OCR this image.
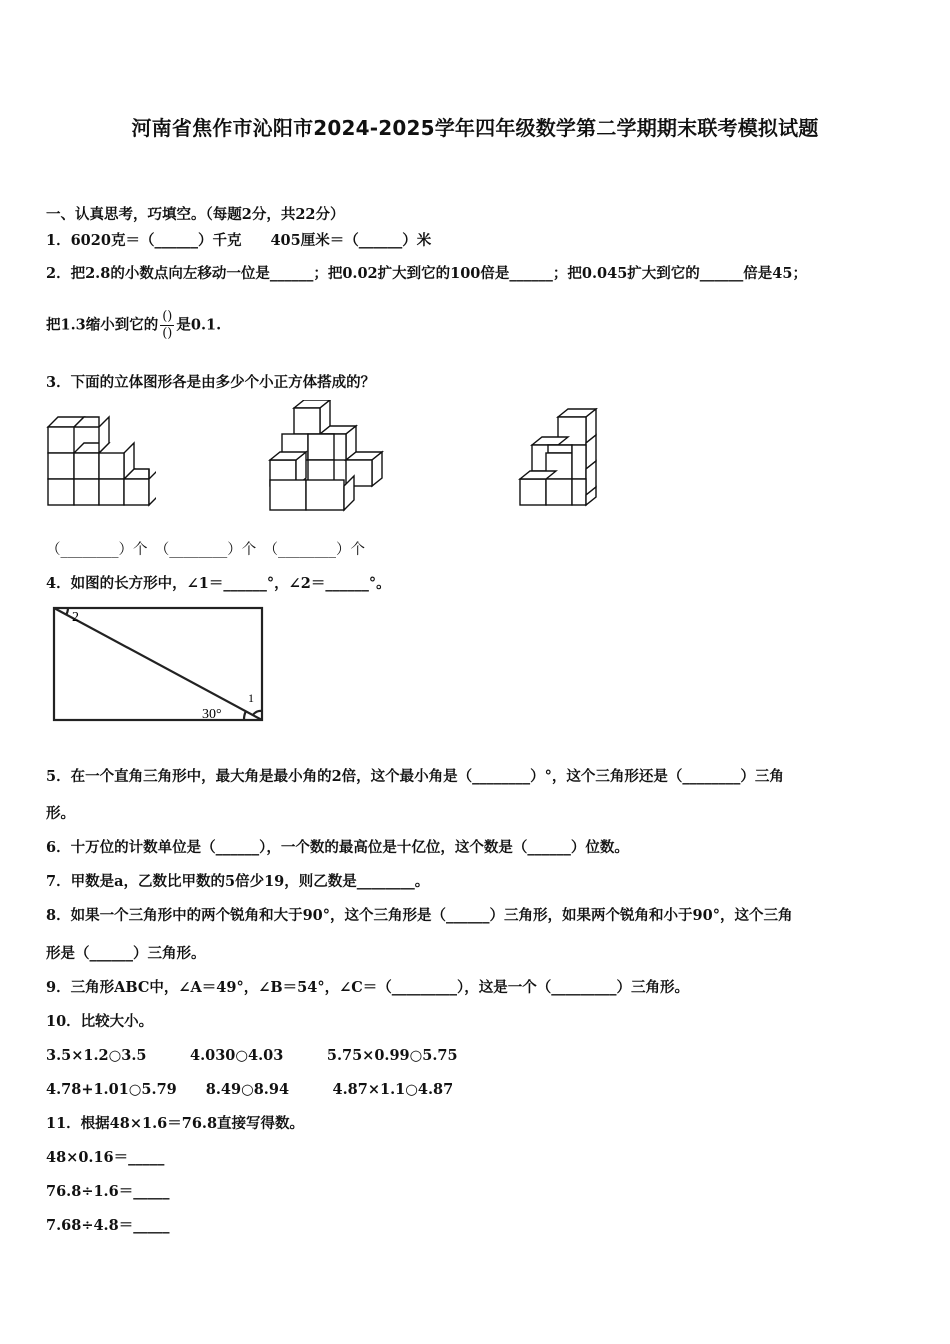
河南省焦作市沁阳市2024-2025学年四年级数学第二学期期末联考模拟试题
一、认真思考，巧填空。（每题2分，共22分）
1．6020克＝（______）千克　　405厘米＝（______）米
2．把2.8的小数点向左移动一位是______；把0.02扩大到它的100倍是______；把0.045扩大到它的______倍是45；
把1.3缩小到它的 $\frac{()}{()}$ 是0.1.
3．下面的立体图形各是由多少个小正方体搭成的？
（________）个　（________）个　（________）个
4．如图的长方形中，∠1＝______°，∠2＝______°。
2
1
30°
5．在一个直角三角形中，最大角是最小角的2倍，这个最小角是（________）°，这个三角形还是（________）三角
形。
6．十万位的计数单位是（______），一个数的最高位是十亿位，这个数是（______）位数。
7．甲数是a，乙数比甲数的5倍少19，则乙数是________。
8．如果一个三角形中的两个锐角和大于90°，这个三角形是（______）三角形，如果两个锐角和小于90°，这个三角
形是（______）三角形。
9．三角形ABC中，∠A＝49°，∠B＝54°，∠C＝（_________），这是一个（_________）三角形。
10．比较大小。
3.5×1.2○3.5　　　4.030○4.03　　　5.75×0.99○5.75
4.78+1.01○5.79　　8.49○8.94　　　4.87×1.1○4.87
11．根据48×1.6＝76.8直接写得数。
48×0.16＝_____
76.8÷1.6＝_____
7.68÷4.8＝_____
